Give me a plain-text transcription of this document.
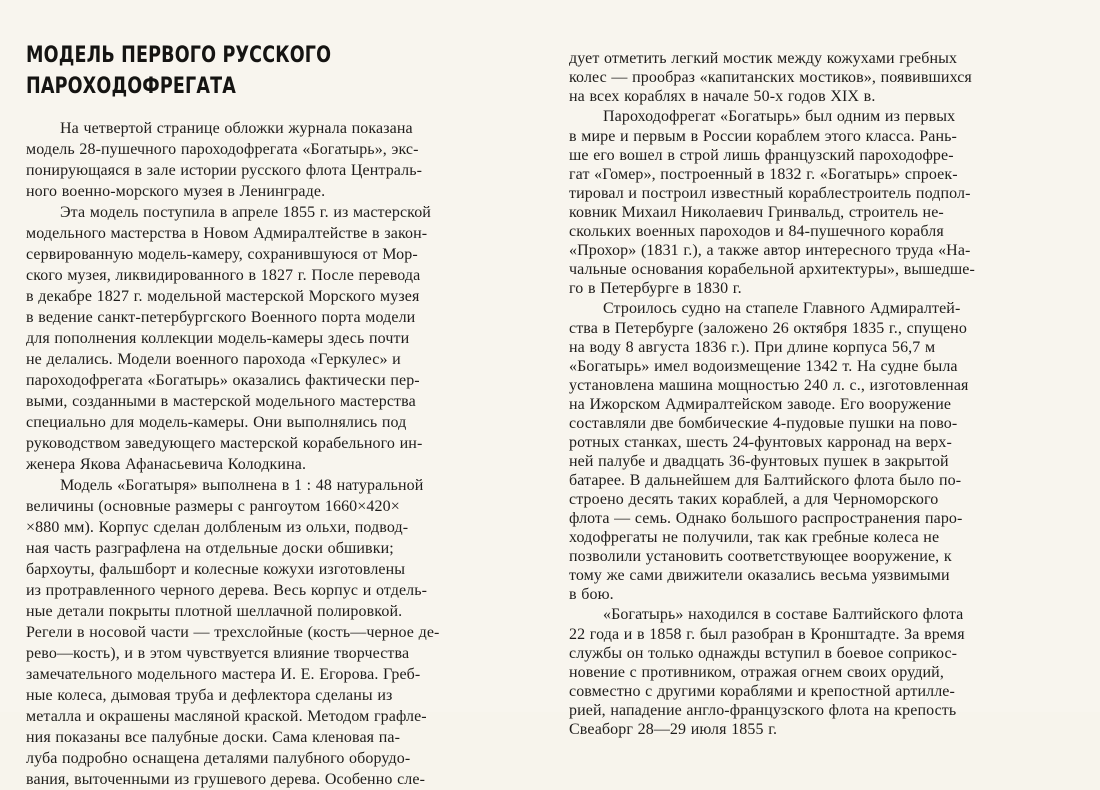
МОДЕЛЬ ПЕРВОГО РУССКОГО
ПАРОХОДОФРЕГАТА
На четвертой странице обложки журнала показана
модель 28-пушечного пароходофрегата «Богатырь», экс-
понирующаяся в зале истории русского флота Централь-
ного военно-морского музея в Ленинграде.
Эта модель поступила в апреле 1855 г. из мастерской
модельного мастерства в Новом Адмиралтействе в закон-
сервированную модель-камеру, сохранившуюся от Мор-
ского музея, ликвидированного в 1827 г. После перевода
в декабре 1827 г. модельной мастерской Морского музея
в ведение санкт-петербургского Военного порта модели
для пополнения коллекции модель-камеры здесь почти
не делались. Модели военного парохода «Геркулес» и
пароходофрегата «Богатырь» оказались фактически пер-
выми, созданными в мастерской модельного мастерства
специально для модель-камеры. Они выполнялись под
руководством заведующего мастерской корабельного ин-
женера Якова Афанасьевича Колодкина.
Модель «Богатыря» выполнена в 1 : 48 натуральной
величины (основные размеры с рангоутом 1660×420×
×880 мм). Корпус сделан долбленым из ольхи, подвод-
ная часть разграфлена на отдельные доски обшивки;
бархоуты, фальшборт и колесные кожухи изготовлены
из протравленного черного дерева. Весь корпус и отдель-
ные детали покрыты плотной шеллачной полировкой.
Регели в носовой части — трехслойные (кость—черное де-
рево—кость), и в этом чувствуется влияние творчества
замечательного модельного мастера И. Е. Егорова. Греб-
ные колеса, дымовая труба и дефлектора сделаны из
металла и окрашены масляной краской. Методом графле-
ния показаны все палубные доски. Сама кленовая па-
луба подробно оснащена деталями палубного оборудо-
вания, выточенными из грушевого дерева. Особенно сле-
дует отметить легкий мостик между кожухами гребных
колес — прообраз «капитанских мостиков», появившихся
на всех кораблях в начале 50-х годов XIX в.
Пароходофрегат «Богатырь» был одним из первых
в мире и первым в России кораблем этого класса. Рань-
ше его вошел в строй лишь французский пароходофре-
гат «Гомер», построенный в 1832 г. «Богатырь» спроек-
тировал и построил известный кораблестроитель подпол-
ковник Михаил Николаевич Гринвальд, строитель не-
скольких военных пароходов и 84-пушечного корабля
«Прохор» (1831 г.), а также автор интересного труда «На-
чальные основания корабельной архитектуры», вышедше-
го в Петербурге в 1830 г.
Строилось судно на стапеле Главного Адмиралтей-
ства в Петербурге (заложено 26 октября 1835 г., спущено
на воду 8 августа 1836 г.). При длине корпуса 56,7 м
«Богатырь» имел водоизмещение 1342 т. На судне была
установлена машина мощностью 240 л. с., изготовленная
на Ижорском Адмиралтейском заводе. Его вооружение
составляли две бомбические 4-пудовые пушки на пово-
ротных станках, шесть 24-фунтовых карронад на верх-
ней палубе и двадцать 36-фунтовых пушек в закрытой
батарее. В дальнейшем для Балтийского флота было по-
строено десять таких кораблей, а для Черноморского
флота — семь. Однако большого распространения паро-
ходофрегаты не получили, так как гребные колеса не
позволили установить соответствующее вооружение, к
тому же сами движители оказались весьма уязвимыми
в бою.
«Богатырь» находился в составе Балтийского флота
22 года и в 1858 г. был разобран в Кронштадте. За время
службы он только однажды вступил в боевое соприкос-
новение с противником, отражая огнем своих орудий,
совместно с другими кораблями и крепостной артилле-
рией, нападение англо-французского флота на крепость
Свеаборг 28—29 июля 1855 г.
